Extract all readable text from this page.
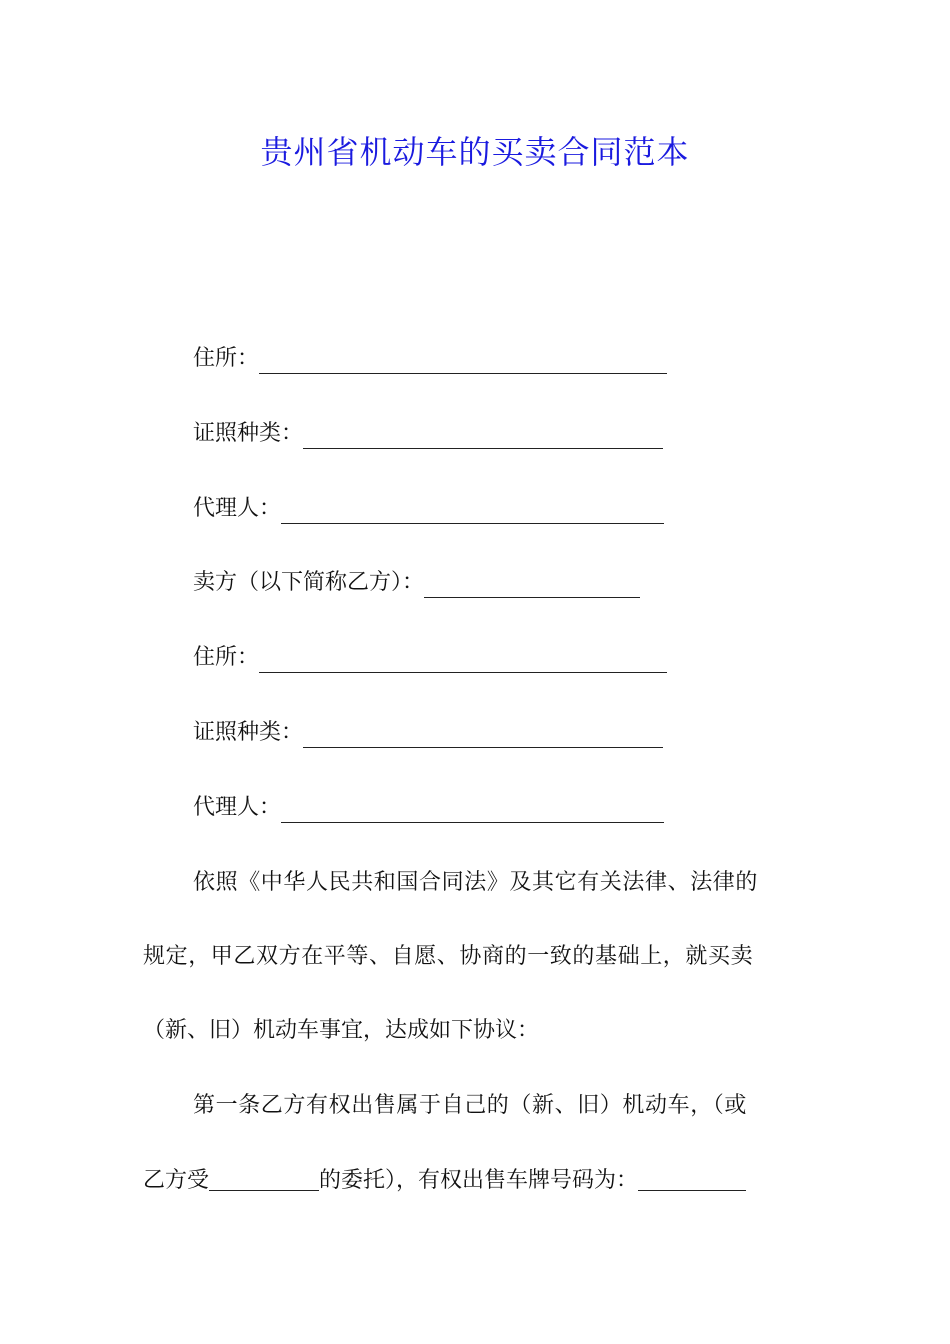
贵州省机动车的买卖合同范本
住所：
证照种类：
代理人：
卖方（以下简称乙方）：
住所：
证照种类：
代理人：
依照《中华人民共和国合同法》及其它有关法律、法律的
规定，甲乙双方在平等、自愿、协商的一致的基础上，就买卖
（新、旧）机动车事宜，达成如下协议：
第一条乙方有权出售属于自己的（新、旧）机动车，（或
乙方受	的委托），有权出售车牌号码为：
